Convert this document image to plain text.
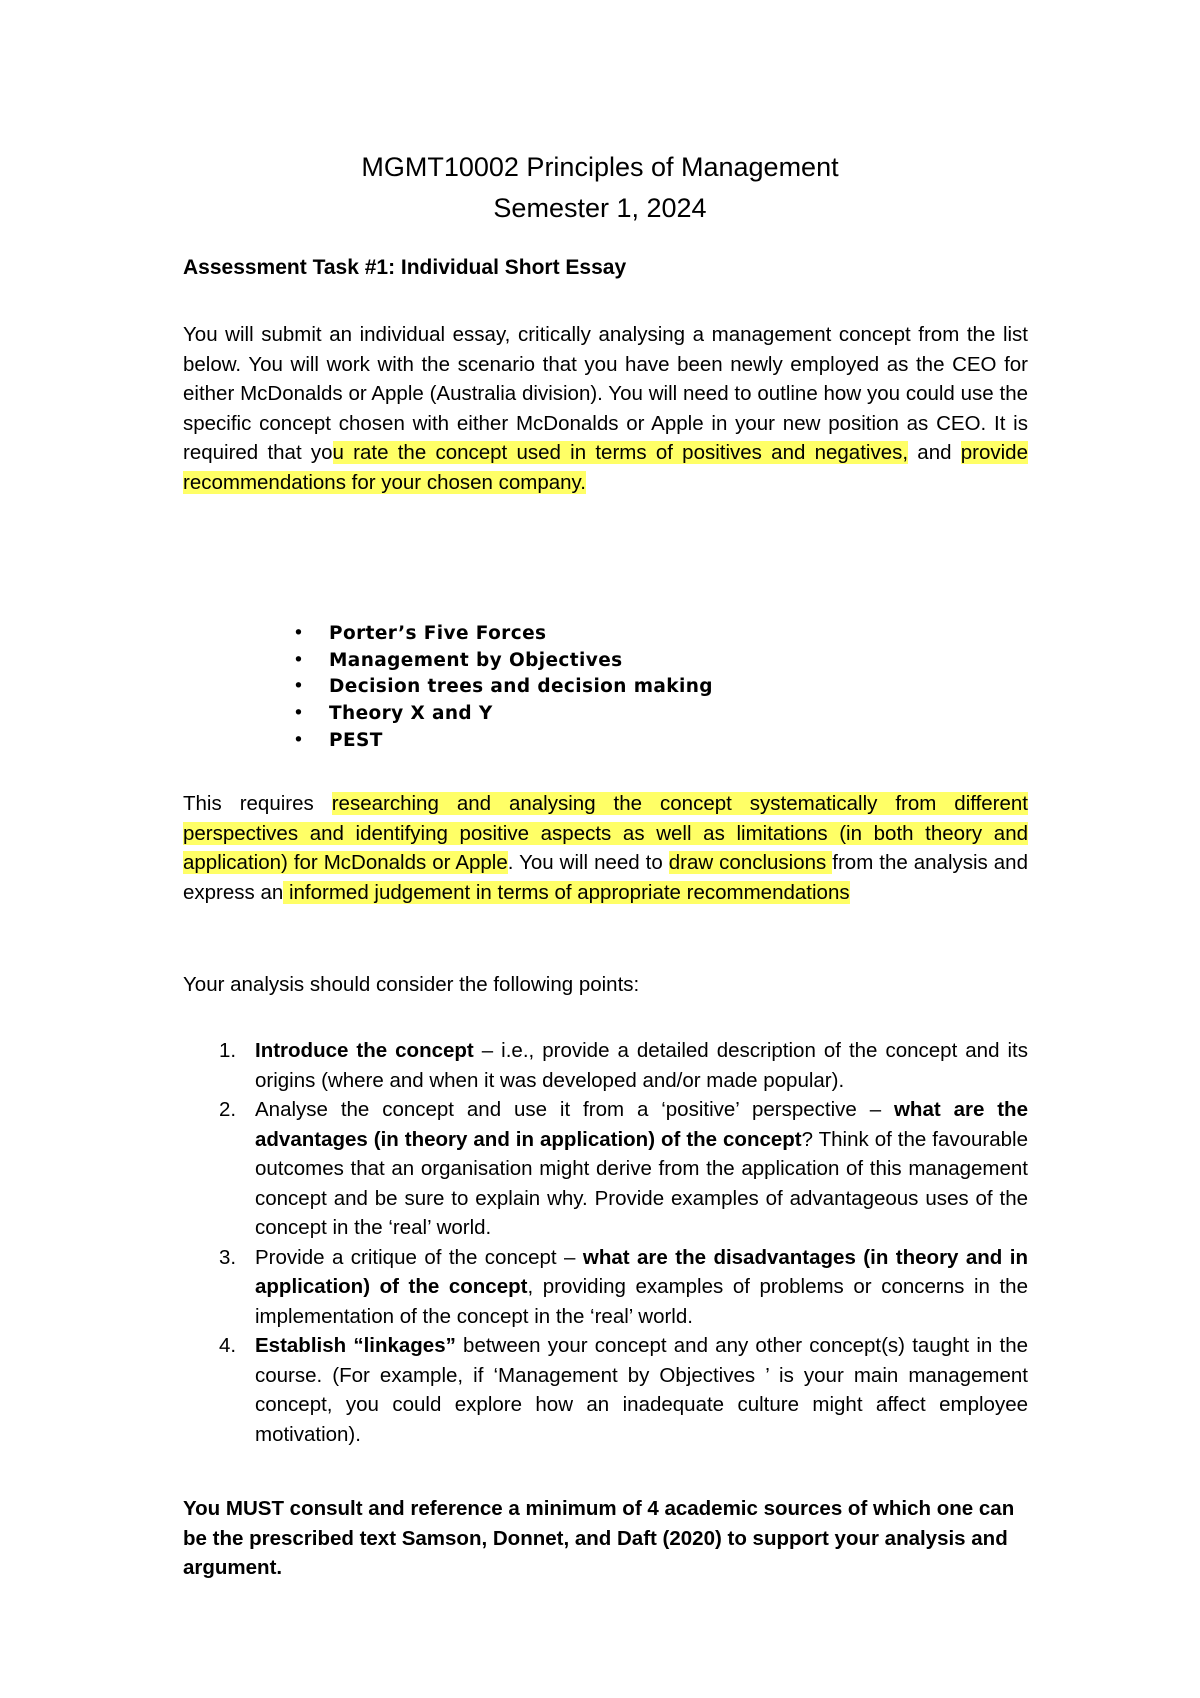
MGMT10002 Principles of Management
Semester 1, 2024
Assessment Task #1: Individual Short Essay
You will submit an individual essay, critically analysing a management concept from the list below. You will work with the scenario that you have been newly employed as the CEO for either McDonalds or Apple (Australia division). You will need to outline how you could use the specific concept chosen with either McDonalds or Apple in your new position as CEO. It is required that you rate the concept used in terms of positives and negatives, and provide recommendations for your chosen company.
• Porter’s Five Forces
• Management by Objectives
• Decision trees and decision making
• Theory X and Y
• PEST
This requires researching and analysing the concept systematically from different perspectives and identifying positive aspects as well as limitations (in both theory and application) for McDonalds or Apple. You will need to draw conclusions from the analysis and express an informed judgement in terms of appropriate recommendations
Your analysis should consider the following points:
1. Introduce the concept – i.e., provide a detailed description of the concept and its origins (where and when it was developed and/or made popular).
2. Analyse the concept and use it from a ‘positive’ perspective – what are the advantages (in theory and in application) of the concept? Think of the favourable outcomes that an organisation might derive from the application of this management concept and be sure to explain why. Provide examples of advantageous uses of the concept in the ‘real’ world.
3. Provide a critique of the concept – what are the disadvantages (in theory and in application) of the concept, providing examples of problems or concerns in the implementation of the concept in the ‘real’ world.
4. Establish “linkages” between your concept and any other concept(s) taught in the course. (For example, if ‘Management by Objectives ’ is your main management concept, you could explore how an inadequate culture might affect employee motivation).
You MUST consult and reference a minimum of 4 academic sources of which one can be the prescribed text Samson, Donnet, and Daft (2020) to support your analysis and argument.
